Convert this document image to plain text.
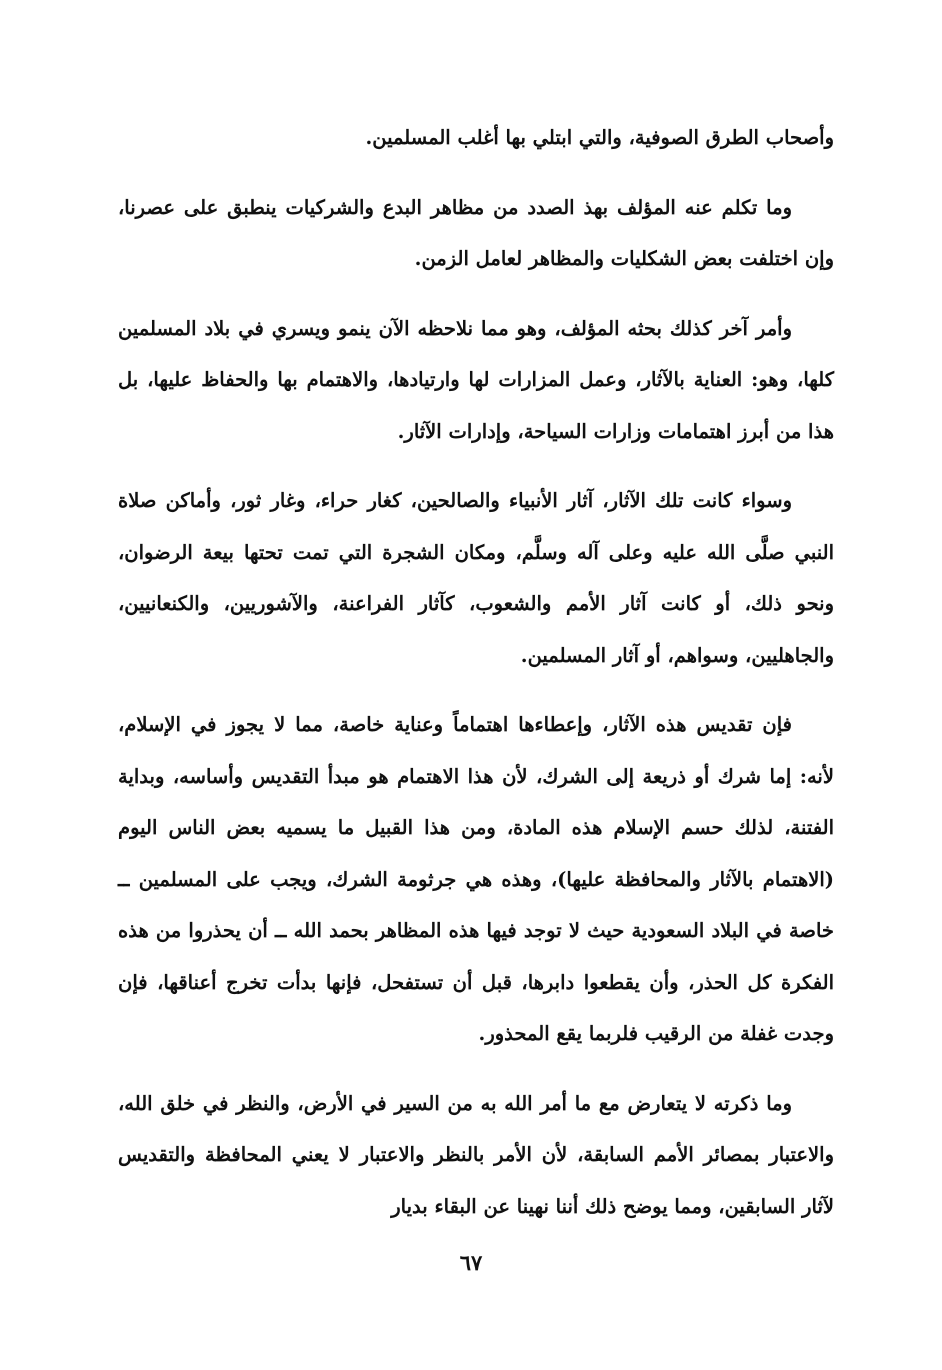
وأصحاب الطرق الصوفية، والتي ابتلي بها أغلب المسلمين.

وما تكلم عنه المؤلف بهذ الصدد من مظاهر البدع والشركيات ينطبق على عصرنا، وإن اختلفت بعض الشكليات والمظاهر لعامل الزمن.

وأمر آخر كذلك بحثه المؤلف، وهو مما نلاحظه الآن ينمو ويسري في بلاد المسلمين كلها، وهو: العناية بالآثار، وعمل المزارات لها وارتيادها، والاهتمام بها والحفاظ عليها، بل هذا من أبرز اهتمامات وزارات السياحة، وإدارات الآثار.

وسواء كانت تلك الآثار، آثار الأنبياء والصالحين، كغار حراء، وغار ثور، وأماكن صلاة النبي صلَّى الله عليه وعلى آله وسلَّم، ومكان الشجرة التي تمت تحتها بيعة الرضوان، ونحو ذلك، أو كانت آثار الأمم والشعوب، كآثار الفراعنة، والآشوريين، والكنعانيين، والجاهليين، وسواهم، أو آثار المسلمين.

فإن تقديس هذه الآثار، وإعطاءها اهتماماً وعناية خاصة، مما لا يجوز في الإسلام، لأنه: إما شرك أو ذريعة إلى الشرك، لأن هذا الاهتمام هو مبدأ التقديس وأساسه، وبداية الفتنة، لذلك حسم الإسلام هذه المادة، ومن هذا القبيل ما يسميه بعض الناس اليوم (الاهتمام بالآثار والمحافظة عليها)، وهذه هي جرثومة الشرك، ويجب على المسلمين ــ خاصة في البلاد السعودية حيث لا توجد فيها هذه المظاهر بحمد الله ــ أن يحذروا من هذه الفكرة كل الحذر، وأن يقطعوا دابرها، قبل أن تستفحل، فإنها بدأت تخرج أعناقها، فإن وجدت غفلة من الرقيب فلربما يقع المحذور.

وما ذكرته لا يتعارض مع ما أمر الله به من السير في الأرض، والنظر في خلق الله، والاعتبار بمصائر الأمم السابقة، لأن الأمر بالنظر والاعتبار لا يعني المحافظة والتقديس لآثار السابقين، ومما يوضح ذلك أننا نهينا عن البقاء بديار

٦٧
